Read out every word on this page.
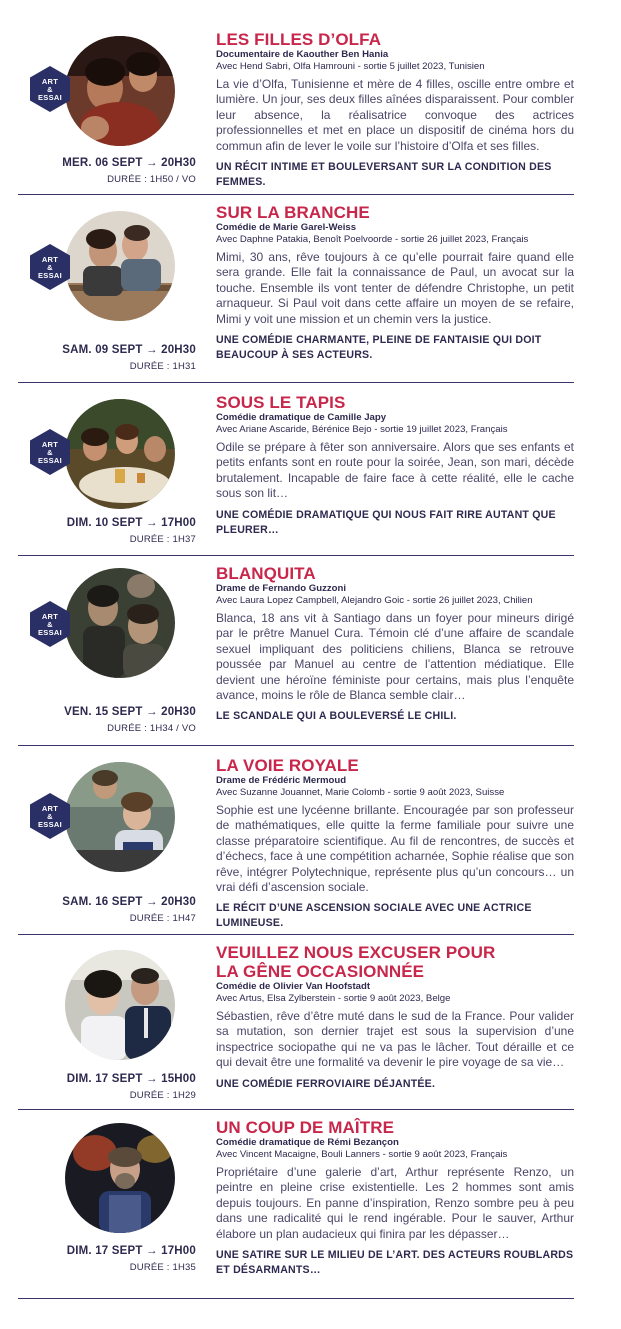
ART
&
ESSAI
MER. 06 SEPT → 20H30
DURÉE : 1H50 / VO
LES FILLES D’OLFA
Documentaire de Kaouther Ben Hania
Avec Hend Sabri, Olfa Hamrouni - sortie 5 juillet 2023, Tunisien
La vie d’Olfa, Tunisienne et mère de 4 filles, oscille entre ombre et lumière. Un jour, ses deux filles aînées disparaissent. Pour combler leur absence, la réalisatrice convoque des actrices professionnelles et met en place un dispositif de cinéma hors du commun afin de lever le voile sur l’histoire d’Olfa et ses filles.
UN RÉCIT INTIME ET BOULEVERSANT SUR LA CONDITION DES FEMMES.
ART
&
ESSAI
SAM. 09 SEPT → 20H30
DURÉE : 1H31
SUR LA BRANCHE
Comédie de Marie Garel-Weiss
Avec Daphne Patakia, Benoît Poelvoorde - sortie 26 juillet 2023, Français
Mimi, 30 ans, rêve toujours à ce qu’elle pourrait faire quand elle sera grande. Elle fait la connaissance de Paul, un avocat sur la touche. Ensemble ils vont tenter de défendre Christophe, un petit arnaqueur. Si Paul voit dans cette affaire un moyen de se refaire, Mimi y voit une mission et un chemin vers la justice.
UNE COMÉDIE CHARMANTE, PLEINE DE FANTAISIE QUI DOIT BEAUCOUP À SES ACTEURS.
ART
&
ESSAI
DIM. 10 SEPT → 17H00
DURÉE : 1H37
SOUS LE TAPIS
Comédie dramatique de Camille Japy
Avec Ariane Ascaride, Bérénice Bejo - sortie 19 juillet 2023, Français
Odile se prépare à fêter son anniversaire. Alors que ses enfants et petits enfants sont en route pour la soirée, Jean, son mari, décède brutalement. Incapable de faire face à cette réalité, elle le cache sous son lit…
UNE COMÉDIE DRAMATIQUE QUI NOUS FAIT RIRE AUTANT QUE PLEURER…
ART
&
ESSAI
VEN. 15 SEPT → 20H30
DURÉE : 1H34 / VO
BLANQUITA
Drame de Fernando Guzzoni
Avec Laura Lopez Campbell, Alejandro Goic - sortie 26 juillet 2023, Chilien
Blanca, 18 ans vit à Santiago dans un foyer pour mineurs dirigé par le prêtre Manuel Cura. Témoin clé d’une affaire de scandale sexuel impliquant des politiciens chiliens, Blanca se retrouve poussée par Manuel au centre de l’attention médiatique. Elle devient une héroïne féministe pour certains, mais plus l’enquête avance, moins le rôle de Blanca semble clair…
LE SCANDALE QUI A BOULEVERSÉ LE CHILI.
ART
&
ESSAI
SAM. 16 SEPT → 20H30
DURÉE : 1H47
LA VOIE ROYALE
Drame de Frédéric Mermoud
Avec Suzanne Jouannet, Marie Colomb - sortie 9 août 2023, Suisse
Sophie est une lycéenne brillante. Encouragée par son professeur de mathématiques, elle quitte la ferme familiale pour suivre une classe préparatoire scientifique. Au fil de rencontres, de succès et d’échecs, face à une compétition acharnée, Sophie réalise que son rêve, intégrer Polytechnique, représente plus qu’un concours… un vrai défi d’ascension sociale.
LE RÉCIT D’UNE ASCENSION SOCIALE AVEC UNE ACTRICE LUMINEUSE.
DIM. 17 SEPT → 15H00
DURÉE : 1H29
VEUILLEZ NOUS EXCUSER POUR
LA GÊNE OCCASIONNÉE
Comédie de Olivier Van Hoofstadt
Avec Artus, Elsa Zylberstein - sortie 9 août 2023, Belge
Sébastien, rêve d’être muté dans le sud de la France. Pour valider sa mutation, son dernier trajet est sous la supervision d’une inspectrice sociopathe qui ne va pas le lâcher. Tout déraille et ce qui devait être une formalité va devenir le pire voyage de sa vie…
UNE COMÉDIE FERROVIAIRE DÉJANTÉE.
DIM. 17 SEPT → 17H00
DURÉE : 1H35
UN COUP DE MAÎTRE
Comédie dramatique de Rémi Bezançon
Avec Vincent Macaigne, Bouli Lanners - sortie 9 août 2023, Français
Propriétaire d’une galerie d’art, Arthur représente Renzo, un peintre en pleine crise existentielle. Les 2 hommes sont amis depuis toujours. En panne d’inspiration, Renzo sombre peu à peu dans une radicalité qui le rend ingérable. Pour le sauver, Arthur élabore un plan audacieux qui finira par les dépasser…
UNE SATIRE SUR LE MILIEU DE L’ART. DES ACTEURS ROUBLARDS ET DÉSARMANTS…
